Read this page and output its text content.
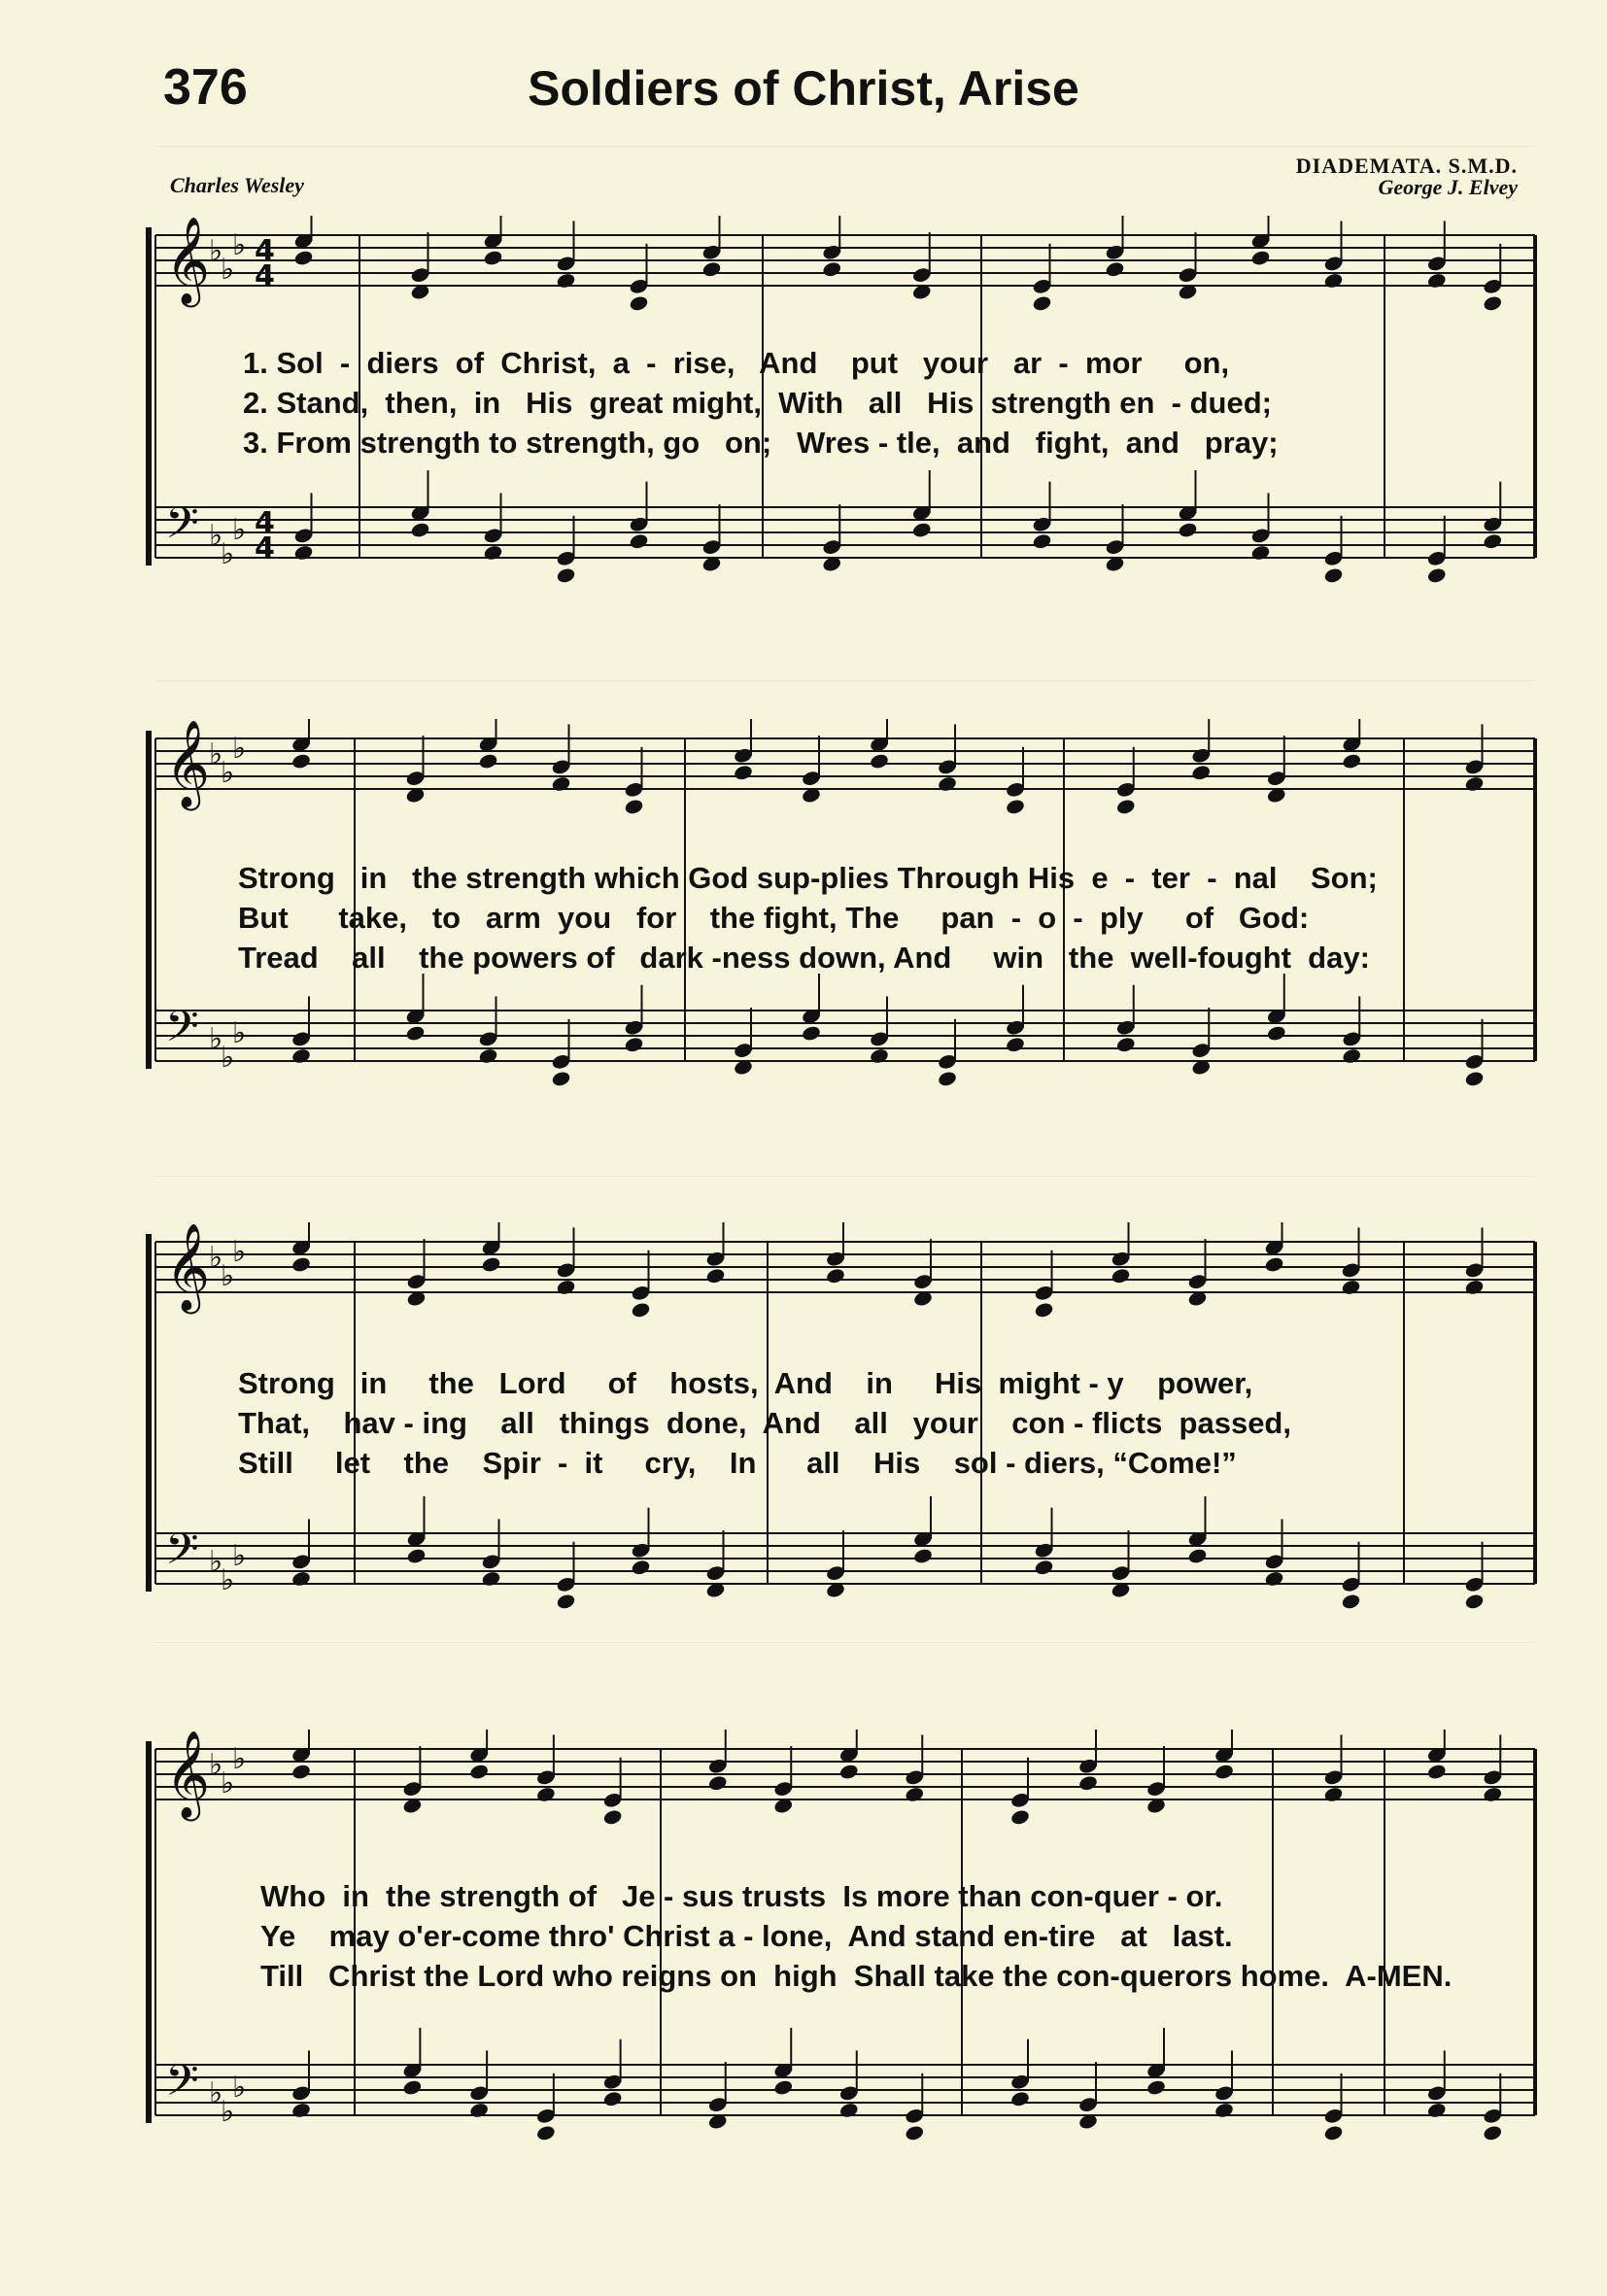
376	Soldiers of Christ, Arise
DIADEMATA. S.M.D.
Charles Wesley	George J. Elvey
𝄞
♭
♭
♭ 4
4
𝄢 ♭
♭
♭ 4
4
1. Sol  -  diers  of  Christ,  a  -  rise,   And    put   your   ar  -  mor     on,
2. Stand,  then,  in   His  great might,  With   all   His  strength en  - dued;
3. From strength to strength, go   on;   Wres - tle,  and   fight,  and   pray;
𝄞
♭
♭
♭
𝄢 ♭
♭
♭
Strong   in   the strength which God sup-plies Through His  e  -  ter  -  nal    Son;
But      take,   to   arm  you   for    the fight, The     pan  -  o  -  ply     of   God:
Tread    all    the powers of   dark -ness down, And     win   the  well-fought  day:
𝄞
♭
♭
♭
𝄢 ♭
♭
♭
Strong   in     the   Lord     of    hosts,  And    in     His  might - y    power,
That,    hav - ing    all   things  done,  And    all   your    con - flicts  passed,
Still     let    the    Spir  -  it     cry,    In      all    His    sol - diers, “Come!”
𝄞
♭
♭
♭
𝄢 ♭
♭
♭
Who  in  the strength of   Je - sus trusts  Is more than con-quer - or.
Ye    may o'er-come thro' Christ a - lone,  And stand en-tire   at   last.
Till   Christ the Lord who reigns on  high  Shall take the con-querors home.  A-MEN.
